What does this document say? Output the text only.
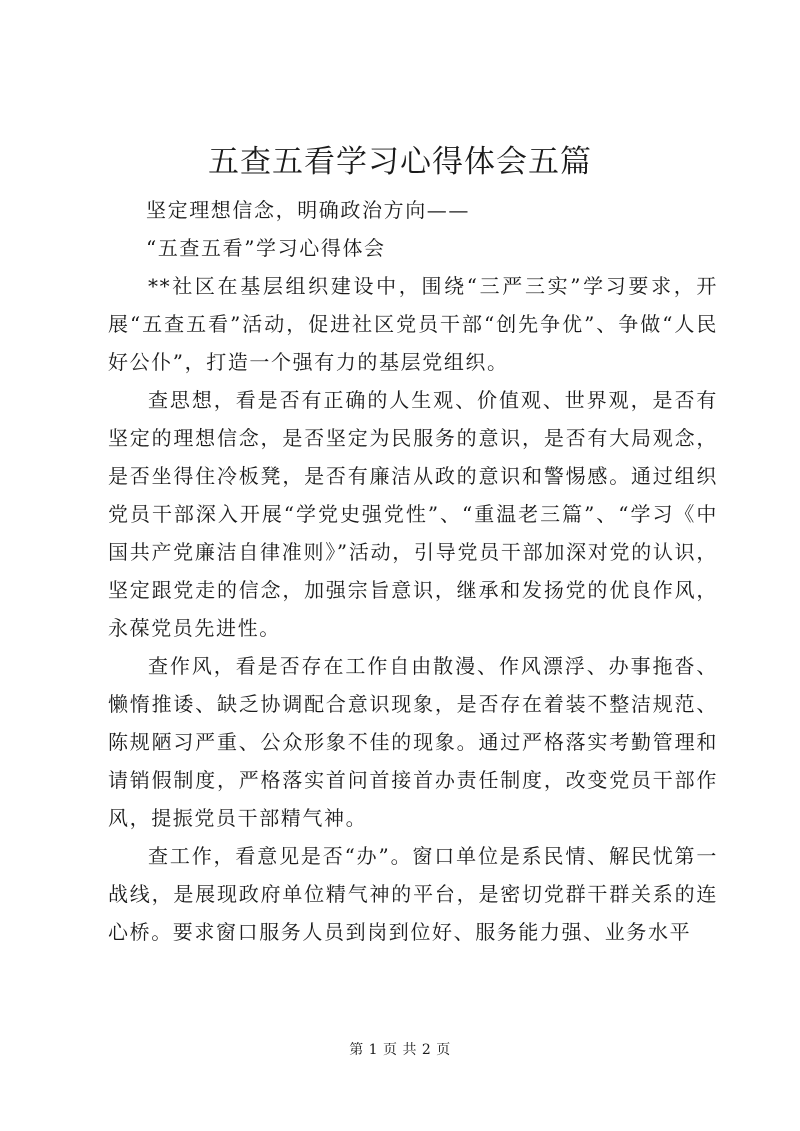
五查五看学习心得体会五篇

坚定理想信念，明确政治方向——

“五查五看”学习心得体会

**社区在基层组织建设中，围绕“三严三实”学习要求，开展“五查五看”活动，促进社区党员干部“创先争优”、争做“人民好公仆”，打造一个强有力的基层党组织。

查思想，看是否有正确的人生观、价值观、世界观，是否有坚定的理想信念，是否坚定为民服务的意识，是否有大局观念，是否坐得住冷板凳，是否有廉洁从政的意识和警惕感。通过组织党员干部深入开展“学党史强党性”、“重温老三篇”、“学习《中国共产党廉洁自律准则》”活动，引导党员干部加深对党的认识，坚定跟党走的信念，加强宗旨意识，继承和发扬党的优良作风，永葆党员先进性。

查作风，看是否存在工作自由散漫、作风漂浮、办事拖沓、懒惰推诿、缺乏协调配合意识现象，是否存在着装不整洁规范、陈规陋习严重、公众形象不佳的现象。通过严格落实考勤管理和请销假制度，严格落实首问首接首办责任制度，改变党员干部作风，提振党员干部精气神。

查工作，看意见是否“办”。窗口单位是系民情、解民忧第一战线，是展现政府单位精气神的平台，是密切党群干群关系的连心桥。要求窗口服务人员到岗到位好、服务能力强、业务水平

第 1 页 共 2 页
